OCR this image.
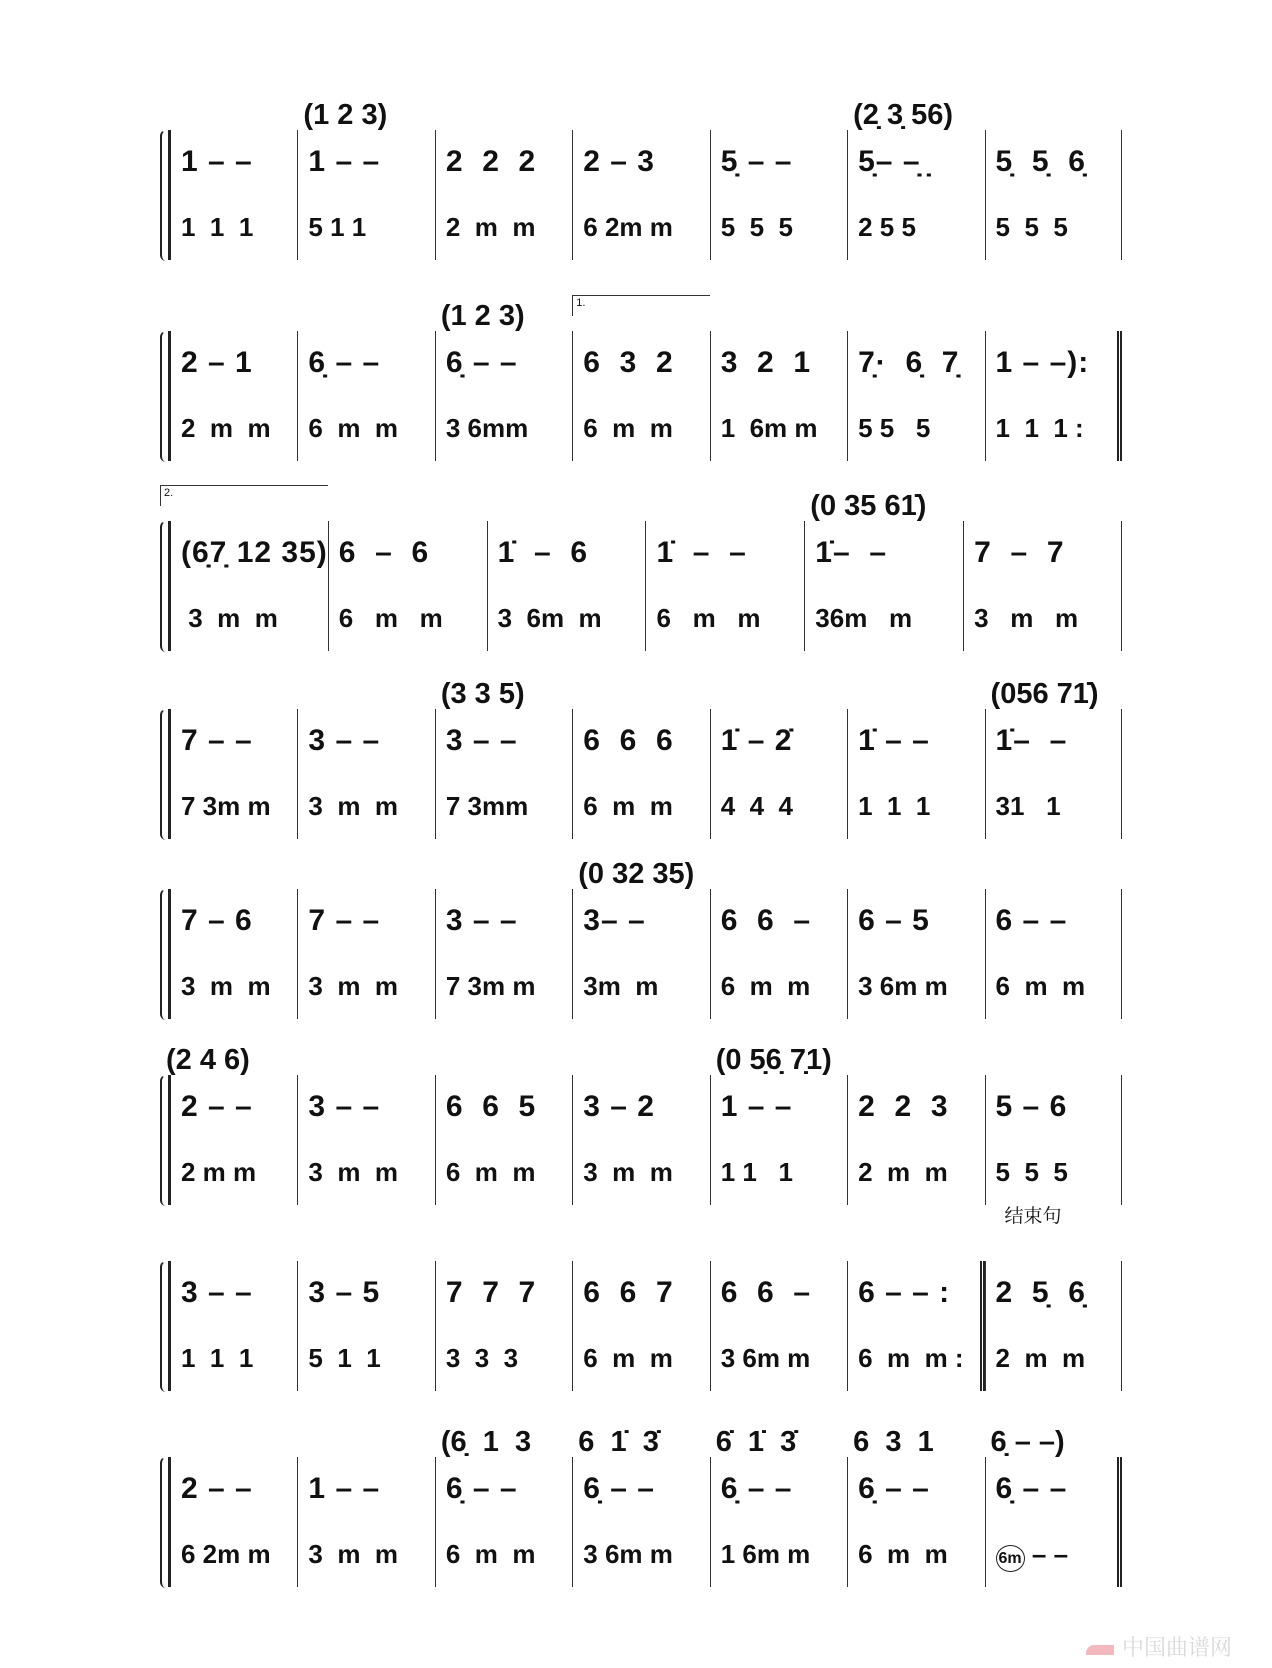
1 – –
1  1  1
(1 2 3)
1 – –
5 1 1
2  2  2
2  m  m
2 – 3
6 2m m
5̣ – –
5  5  5
(2̣ 3̣ 56)
5̣– –̣ ̣
2 5 5
5̣  5̣  6̣
5  5  5
2 – 1
2  m  m
6̣ – –
6  m  m
(1 2 3)
6̣ – –
3 6mm
1.
6  3  2
6  m  m
3  2  1
1  6m m
7̣·  6̣  7̣
5 5   5
1 – –):
1  1  1 :
2.
(6̣7̣ 12 35)
3  m  m
6  –  6
6   m   m
1̇  –  6
3  6m  m
1̇  –  –
6   m   m
(0 35 61̇)
1̇–  –
36m   m
7  –  7
3   m   m
7 – –
7 3m m
3 – –
3  m  m
(3 3 5)
3 – –
7 3mm
6  6  6
6  m  m
1̇ – 2̇
4  4  4
1̇ – –
1  1  1
(056 71̇)
1̇–  –
31   1
7 – 6
3  m  m
7 – –
3  m  m
3 – –
7 3m m
(0 32 35)
3– –
3m  m
6  6  –
6  m  m
6 – 5
3 6m m
6 – –
6  m  m
(2 4 6)
2 – –
2 m m
3 – –
3  m  m
6  6  5
6  m  m
3 – 2
3  m  m
(0 5̣6̣ 7̣1)
1 – –
1 1   1
2  2  3
2  m  m
5 – 6
5  5  5
3 – –
1  1  1
3 – 5
5  1  1
7  7  7
3  3  3
6  6  7
6  m  m
6  6  –
3 6m m
6 – – :
6  m  m :
结束句
2  5̣  6̣
2  m  m
2 – –
6 2m m
1 – –
3  m  m
(6̣  1  3
6̣ – –
6  m  m
6  1̇  3̇
6̣ – –
3 6m m
6̇  1̇  3̇
6̣ – –
1 6m m
6  3  1
6̣ – –
6  m  m
6̣ – –)
6̣ – –
6m – –
中国曲谱网
